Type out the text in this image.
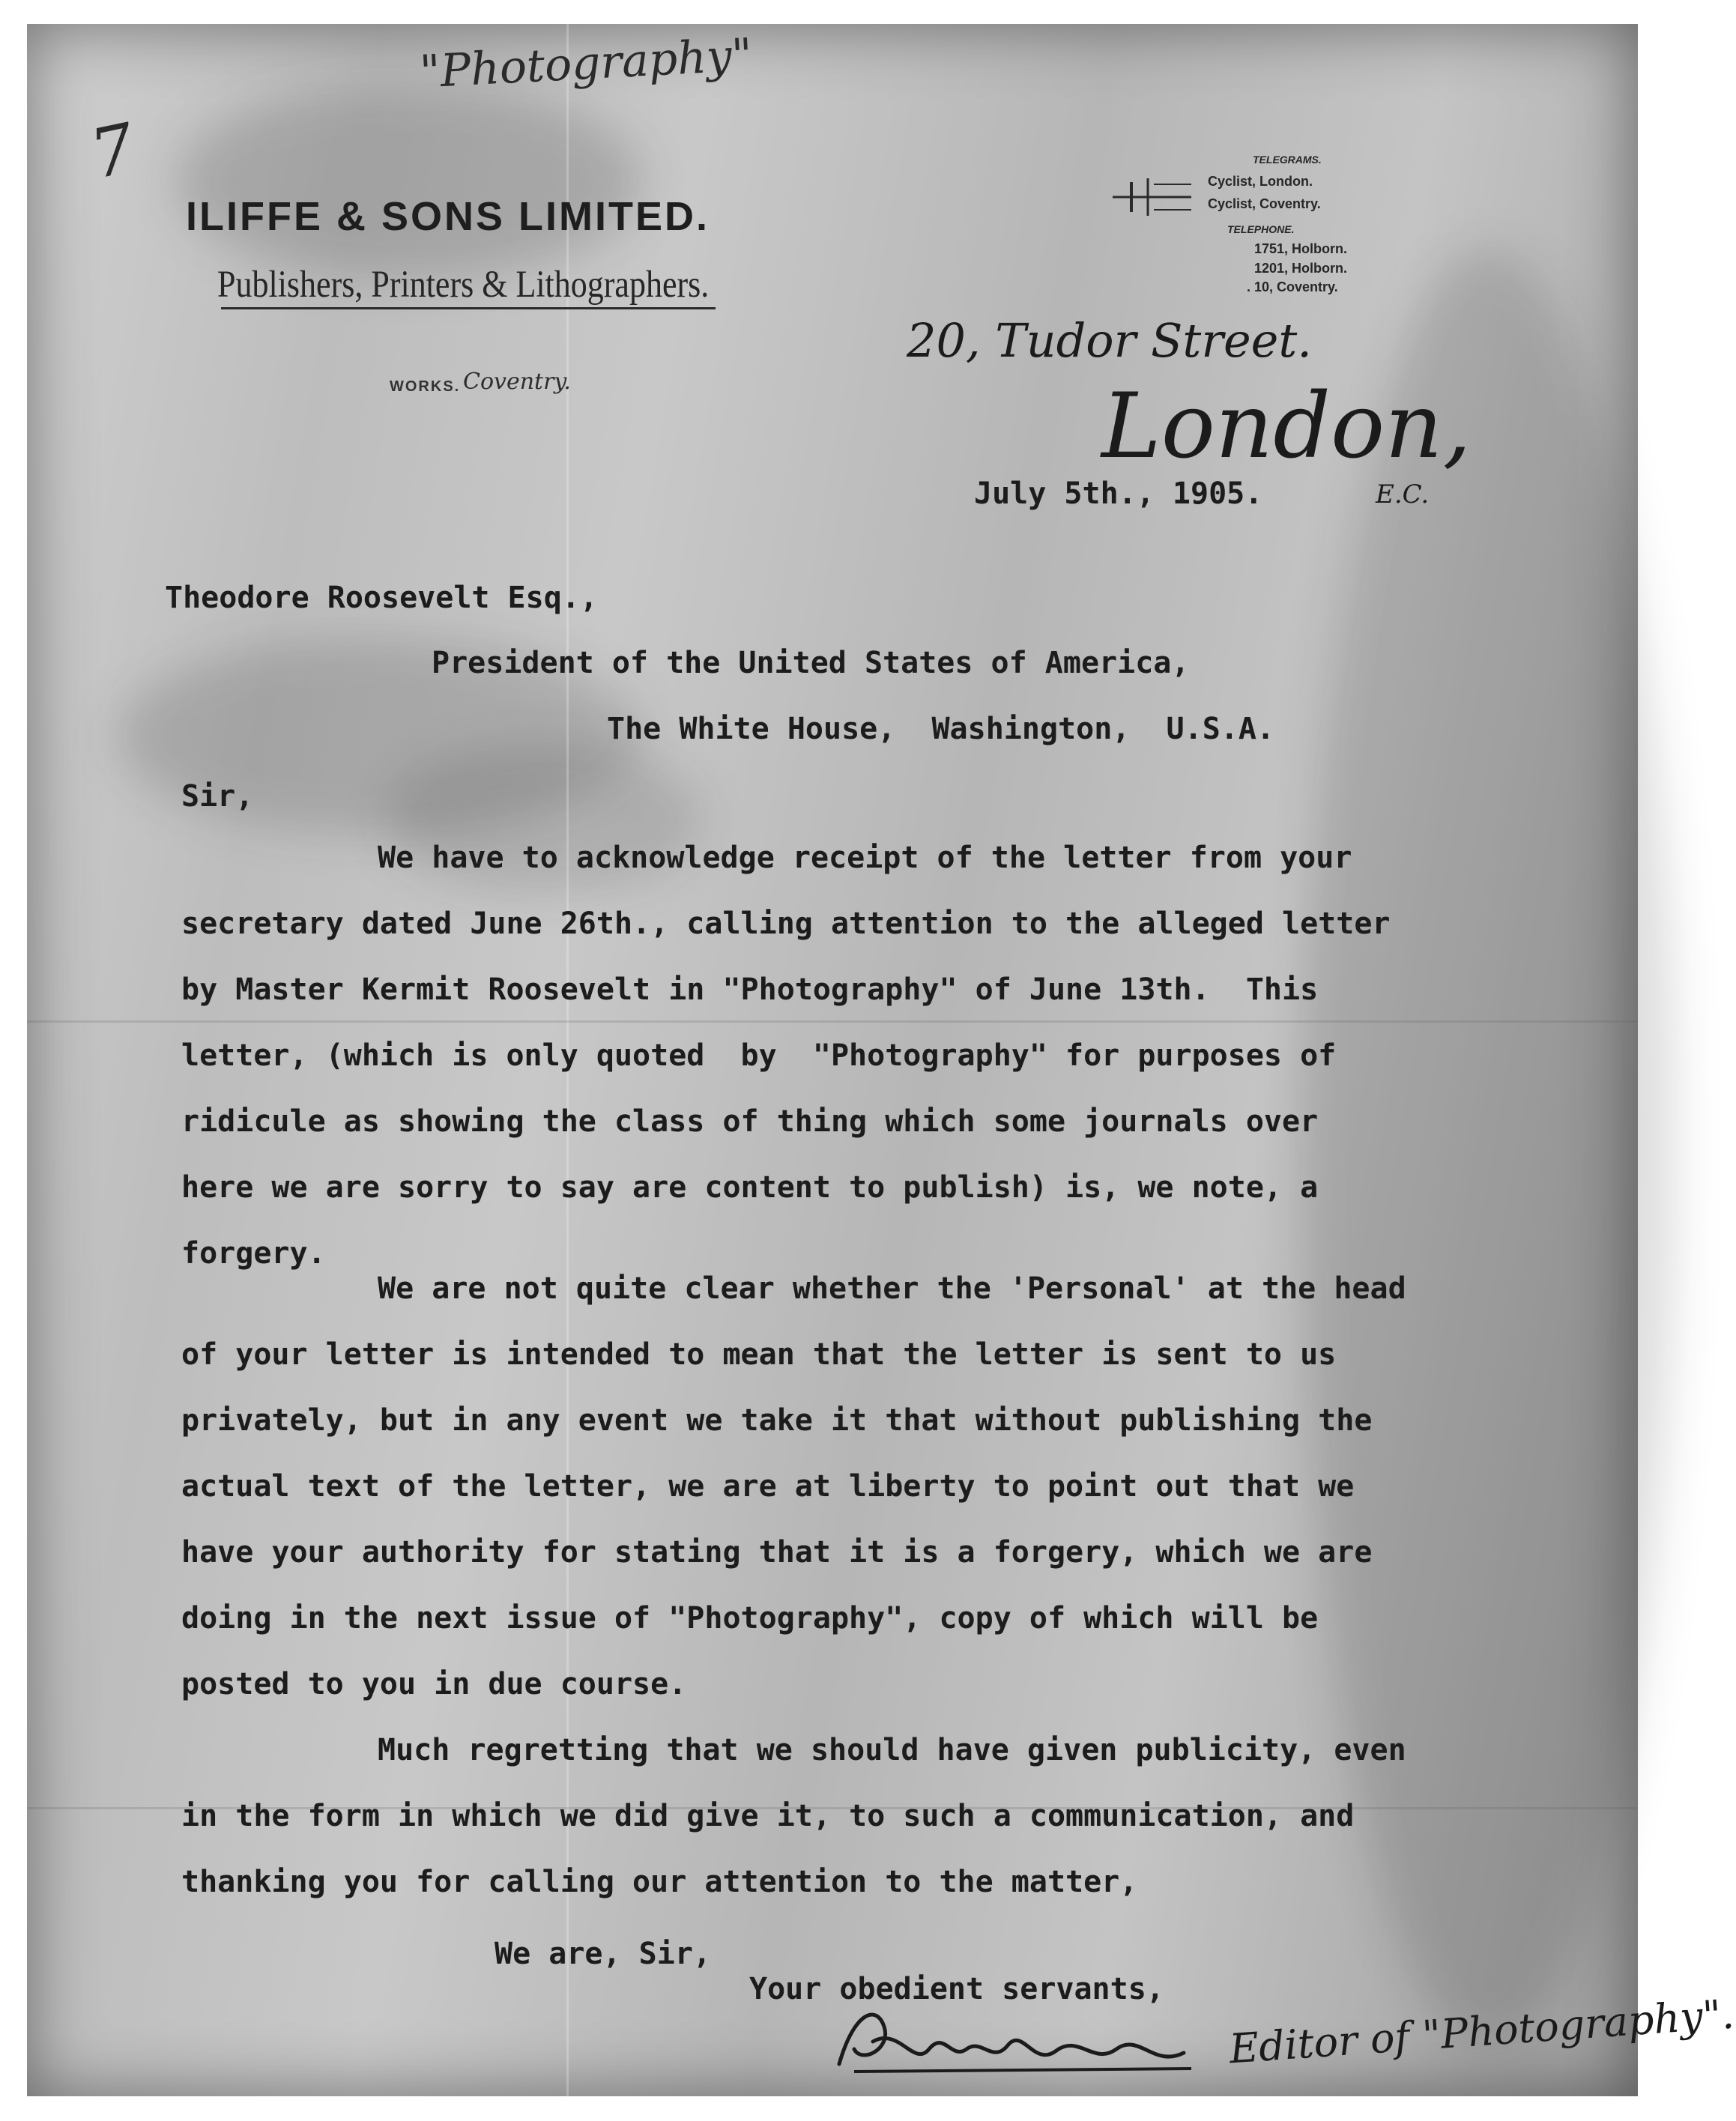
7
"Photography"
ILIFFE & SONS LIMITED.
Publishers, Printers & Lithographers.
WORKS. Coventry.
TELEGRAMS.
Cyclist, London.
Cyclist, Coventry.
TELEPHONE.
1751, Holborn.
1201, Holborn.
. 10, Coventry.
20, Tudor Street.
London,
E.C.
July 5th., 1905.
Theodore Roosevelt Esq.,
President of the United States of America,
The White House,  Washington,  U.S.A.
Sir,
We have to acknowledge receipt of the letter from your
secretary dated June 26th., calling attention to the alleged letter
by Master Kermit Roosevelt in "Photography" of June 13th.  This
letter, (which is only quoted  by  "Photography" for purposes of
ridicule as showing the class of thing which some journals over
here we are sorry to say are content to publish) is, we note, a
forgery.
We are not quite clear whether the 'Personal' at the head
of your letter is intended to mean that the letter is sent to us
privately, but in any event we take it that without publishing the
actual text of the letter, we are at liberty to point out that we
have your authority for stating that it is a forgery, which we are
doing in the next issue of "Photography", copy of which will be
posted to you in due course.
Much regretting that we should have given publicity, even
in the form in which we did give it, to such a communication, and
thanking you for calling our attention to the matter,
We are, Sir,
Your obedient servants,
Editor of "Photography".
